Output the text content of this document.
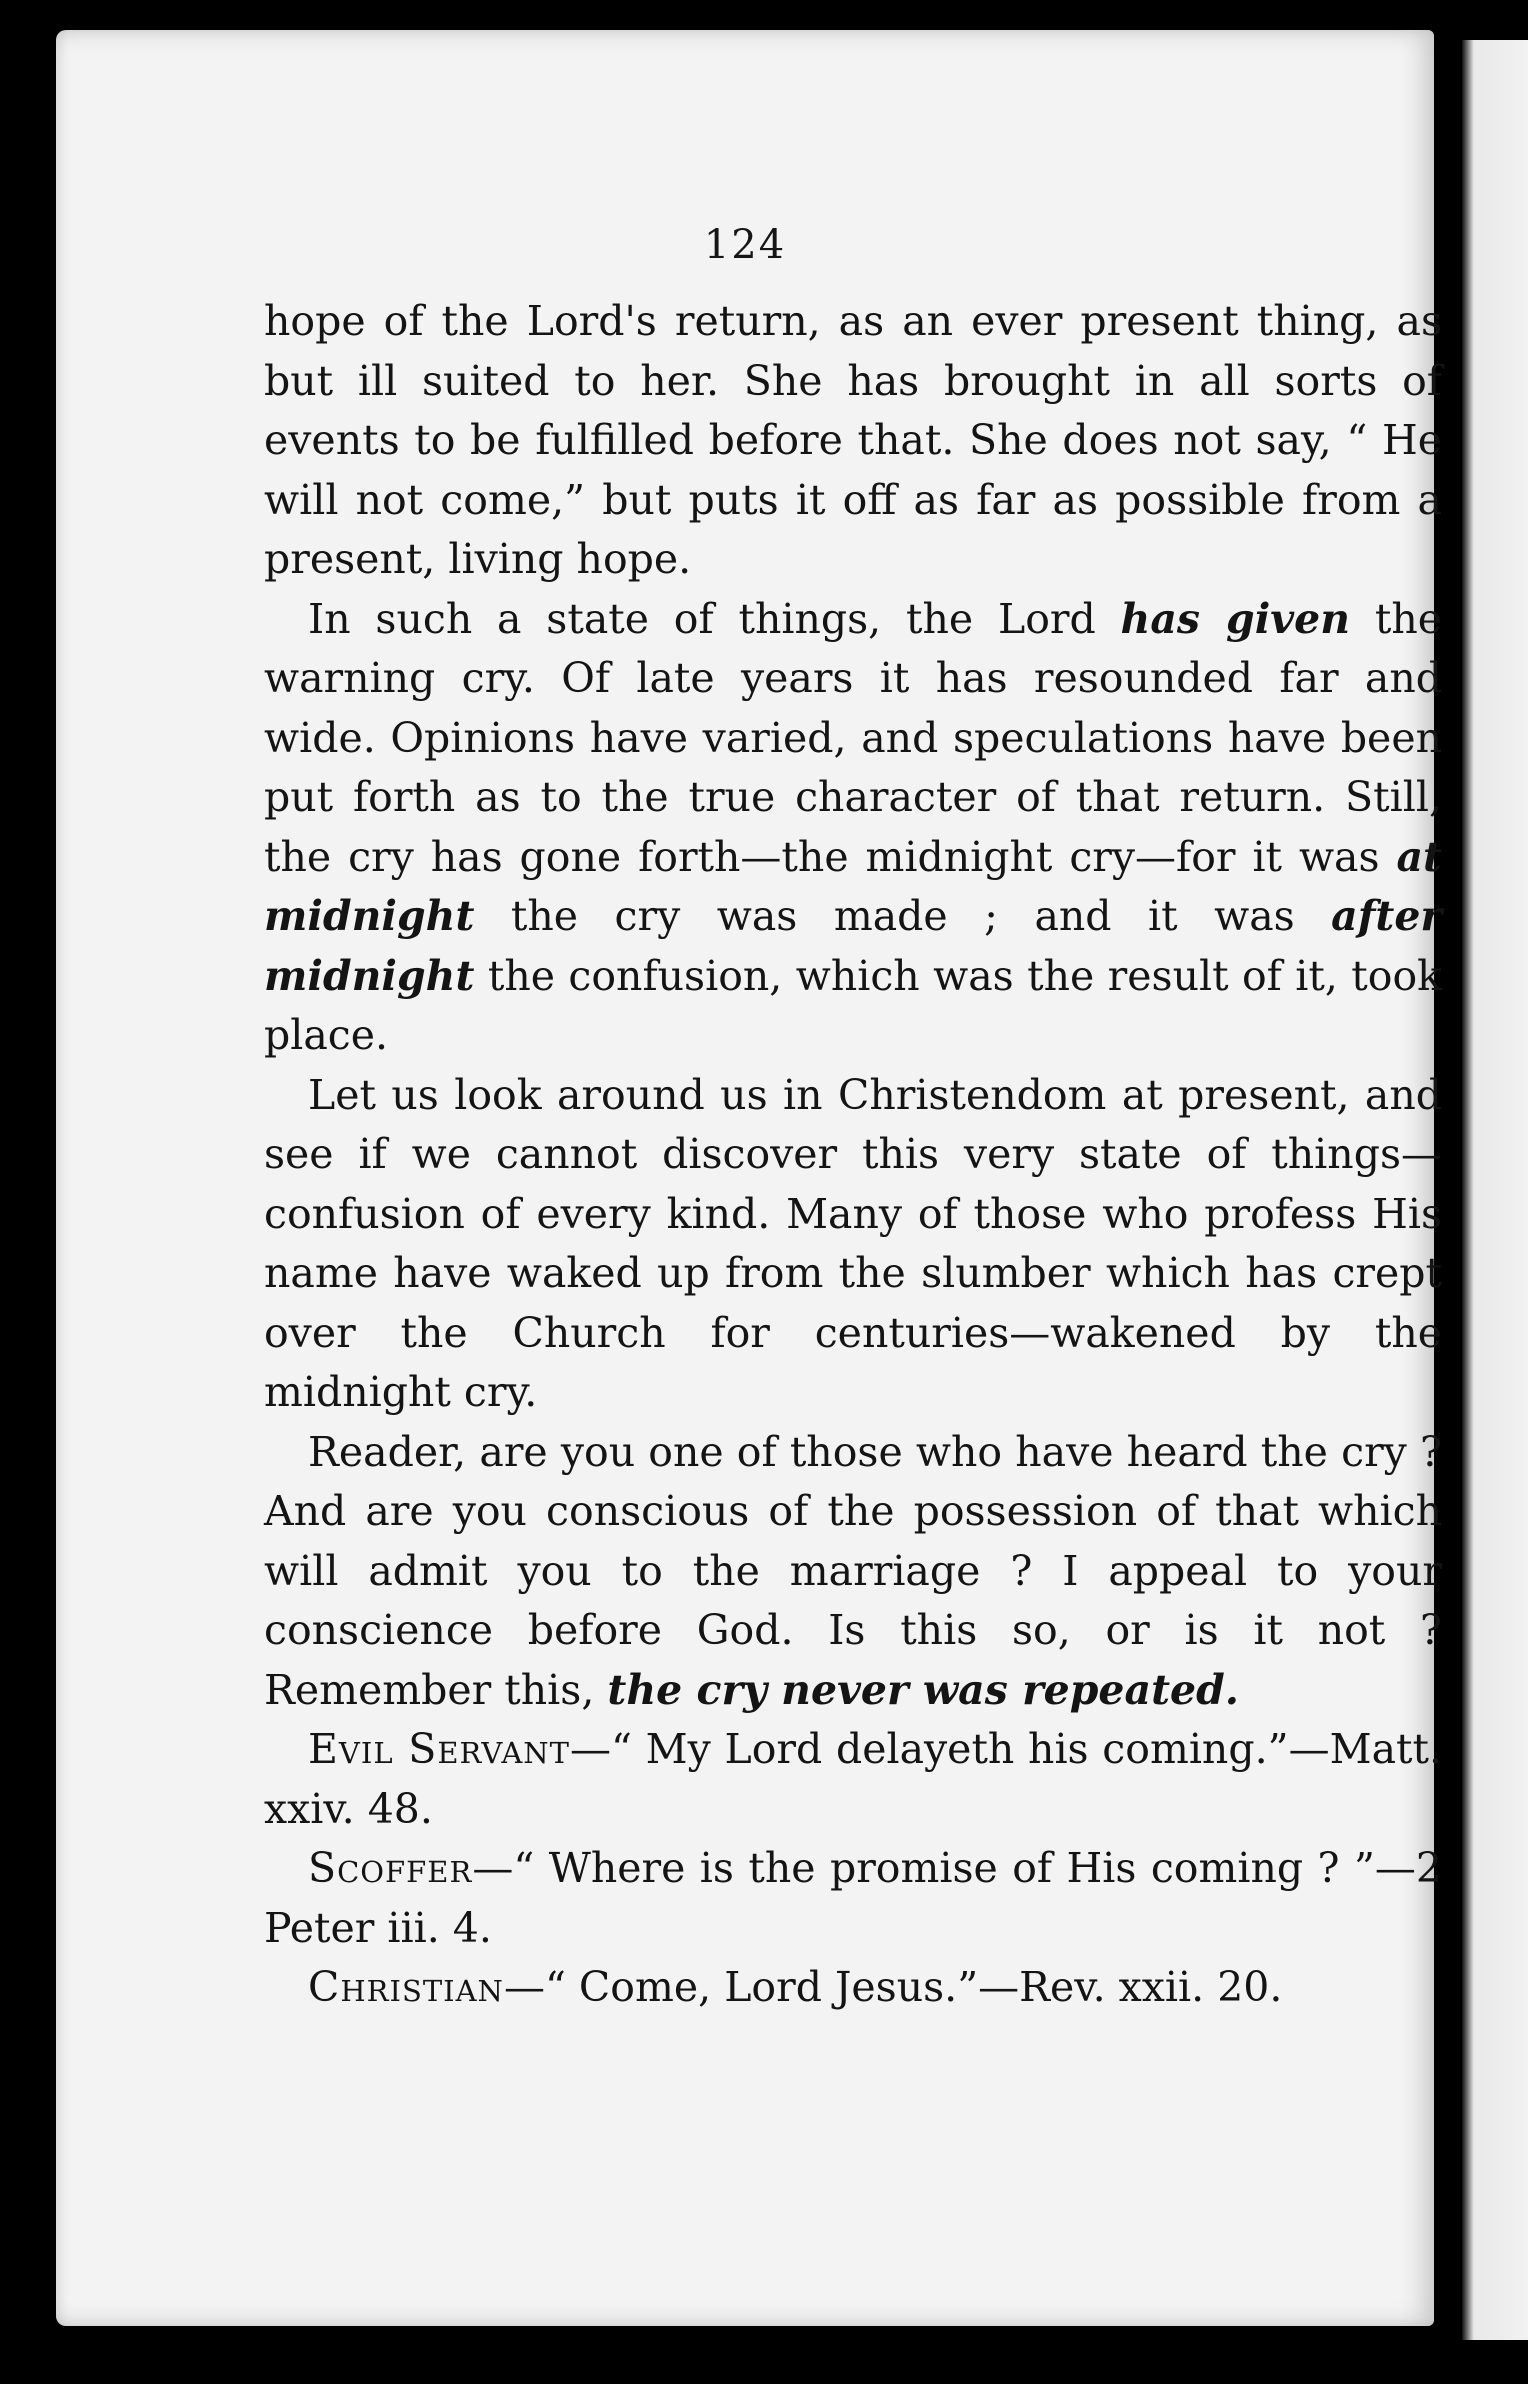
124

hope of the Lord's return, as an ever present thing, as but ill suited to her. She has brought in all sorts of events to be fulfilled before that. She does not say, “ He will not come,” but puts it off as far as possible from a present, living hope.

In such a state of things, the Lord has given the warning cry. Of late years it has resounded far and wide. Opinions have varied, and speculations have been put forth as to the true character of that return. Still, the cry has gone forth—the midnight cry—for it was at midnight the cry was made ; and it was after midnight the confusion, which was the result of it, took place.

Let us look around us in Christendom at present, and see if we cannot discover this very state of things—confusion of every kind. Many of those who profess His name have waked up from the slumber which has crept over the Church for centuries—wakened by the midnight cry.

Reader, are you one of those who have heard the cry ? And are you conscious of the possession of that which will admit you to the marriage ? I appeal to your conscience before God. Is this so, or is it not ? Remember this, the cry never was repeated.

Evil Servant—“ My Lord delayeth his coming.”—Matt. xxiv. 48.

Scoffer—“ Where is the promise of His coming ? ”—2 Peter iii. 4.

Christian—“ Come, Lord Jesus.”—Rev. xxii. 20.
